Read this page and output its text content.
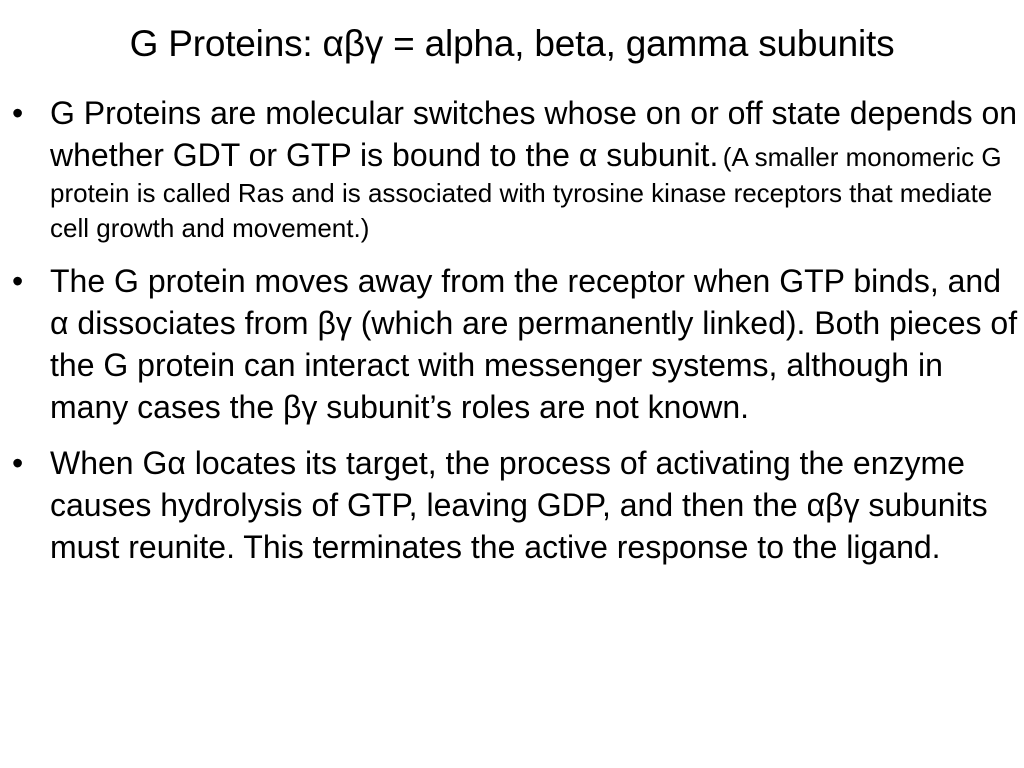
G Proteins: αβγ = alpha, beta, gamma subunits
• G Proteins are molecular switches whose on or off state depends on whether GDT or GTP is bound to the α subunit. (A smaller monomeric G protein is called Ras and is associated with tyrosine kinase receptors that mediate cell growth and movement.)
• The G protein moves away from the receptor when GTP binds, and α dissociates from βγ (which are permanently linked). Both pieces of the G protein can interact with messenger systems, although in many cases the βγ subunit’s roles are not known.
• When Gα locates its target, the process of activating the enzyme causes hydrolysis of GTP, leaving GDP, and then the αβγ subunits must reunite. This terminates the active response to the ligand.
